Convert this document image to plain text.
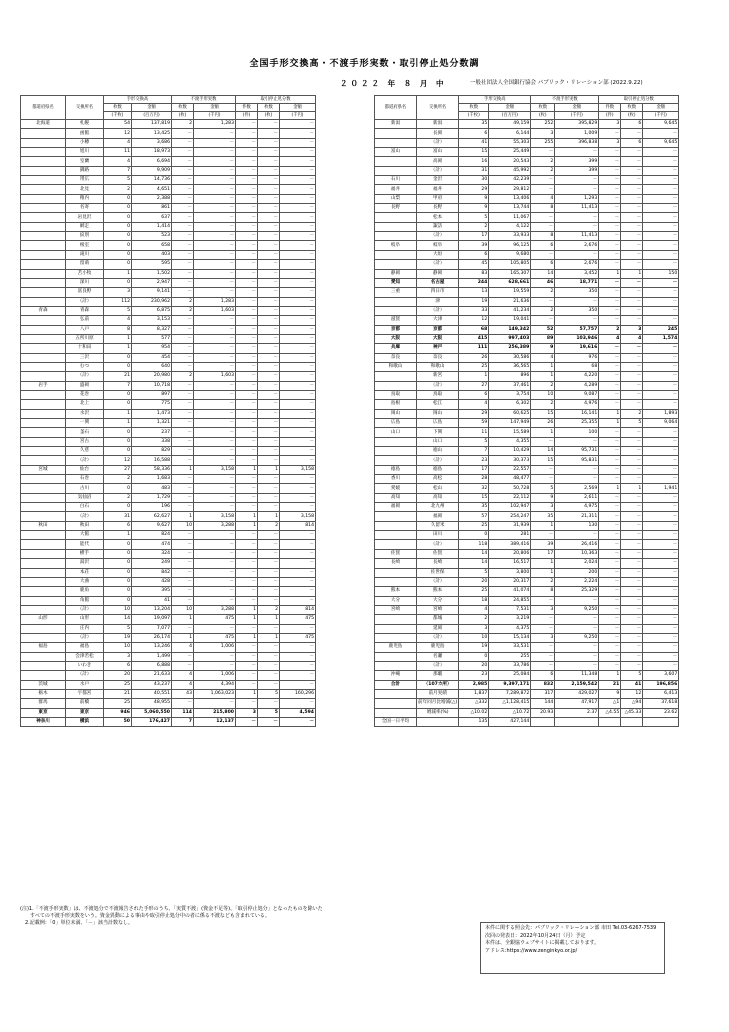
全国手形交換高・不渡手形実数・取引停止処分数調
２０２２ 年 ８ 月 中	一般社団法人全国銀行協会 パブリック・リレーション部 (2022.9.22)
都道府県名	交換所名	手形交換高		不渡手形実数		取引停止処分数		
		枚数	金額	枚数	金額	件数	枚数	金額
		(千枚)	(百万円)	(枚)	(千円)	(件)	(枚)	(千円)
北海道	札幌	54	137,819	2	1,283	－	－	－
	函館	12	13,425	－	－	－	－	－
	小樽	4	3,686	－	－	－	－	－
	旭川	11	18,973	－	－	－	－	－
	室蘭	4	6,694	－	－	－	－	－
	釧路	7	9,909	－	－	－	－	－
	帯広	5	14,736	－	－	－	－	－
	北見	2	4,651	－	－	－	－	－
	稚内	0	2,388	－	－	－	－	－
	名寄	0	861	－	－	－	－	－
	岩見沢	0	637	－	－	－	－	－
	網走	0	1,414	－	－	－	－	－
	紋別	0	523	－	－	－	－	－
	根室	0	658	－	－	－	－	－
	滝川	0	403	－	－	－	－	－
	留萌	0	595	－	－	－	－	－
	苫小牧	1	1,502	－	－	－	－	－
	深川	0	2,947	－	－	－	－	－
	富良野	3	9,141	－	－	－	－	－
	（計）	112	230,962	2	1,283	－	－	－
青森	青森	5	6,875	2	1,603	－	－	－
	弘前	4	3,153	－	－	－	－	－
	八戸	8	8,327	－	－	－	－	－
	五所川原	1	577	－	－	－	－	－
	十和田	1	954	－	－	－	－	－
	三沢	0	454	－	－	－	－	－
	むつ	0	640	－	－	－	－	－
	（計）	21	20,980	2	1,603	－	－	－
岩手	盛岡	7	10,718	－	－	－	－	－
	花巻	0	897	－	－	－	－	－
	北上	0	775	－	－	－	－	－
	水沢	1	1,473	－	－	－	－	－
	一関	1	1,321	－	－	－	－	－
	釜石	0	237	－	－	－	－	－
	宮古	0	338	－	－	－	－	－
	久慈	0	829	－	－	－	－	－
	（計）	12	16,588	－	－	－	－	－
宮城	仙台	27	58,336	1	3,158	1	1	3,158
	石巻	2	1,683	－	－	－	－	－
	古川	0	483	－	－	－	－	－
	気仙沼	2	1,729	－	－	－	－	－
	白石	0	196	－	－	－	－	－
	（計）	31	62,627	1	3,158	1	1	3,158
秋田	秋田	6	9,627	10	3,288	1	2	814
	大館	1	824	－	－	－	－	－
	能代	0	474	－	－	－	－	－
	横手	0	324	－	－	－	－	－
	湯沢	0	249	－	－	－	－	－
	本荘	0	842	－	－	－	－	－
	大曲	0	428	－	－	－	－	－
	鹿角	0	395	－	－	－	－	－
	角館	0	41	－	－	－	－	－
	（計）	10	13,204	10	3,288	1	2	814
山形	山形	14	19,097	1	475	1	1	475
	庄内	5	7,077	－	－	－	－	－
	（計）	19	26,174	1	475	1	1	475
福島	福島	10	13,246	4	1,006	－	－	－
	会津若松	3	1,499	－	－	－	－	－
	いわき	6	6,888	－	－	－	－	－
	（計）	20	21,633	4	1,006	－	－	－
茨城	水戸	25	43,237	4	4,394	－	－	－
栃木	宇都宮	21	40,551	43	1,063,023	1	5	160,296
群馬	前橋	25	48,955	－	－	－	－	－
東京	東京	946	5,060,550	114	215,800	3	5	4,594
神奈川	横浜	50	176,427	7	12,137	－	－	－
都道府県名	交換所名	手形交換高		不渡手形実数		取引停止処分数		
		枚数	金額	枚数	金額	件数	枚数	金額
		(千枚)	(百万円)	(枚)	(千円)	(件)	(枚)	(千円)
新潟	新潟	35	49,159	252	395,829	3	6	9,645
	長岡	6	6,144	3	1,009	－	－	－
	（計）	41	55,303	255	396,838	3	6	9,645
富山	富山	15	25,449	－	－	－	－	－
	高岡	16	20,543	2	399	－	－	－
	（計）	31	45,992	2	399	－	－	－
石川	金沢	30	42,239	－	－	－	－	－
福井	福井	29	29,812	－	－	－	－	－
山梨	甲府	9	13,406	4	1,293	－	－	－
長野	長野	9	13,744	8	11,413	－	－	－
	松本	5	11,067	－	－	－	－	－
	諏訪	2	4,122	－	－	－	－	－
	（計）	17	33,933	8	11,413	－	－	－
岐阜	岐阜	39	96,125	6	2,676	－	－	－
	大垣	6	9,680	－	－	－	－	－
	（計）	45	105,805	6	2,676	－	－	－
静岡	静岡	83	165,307	14	3,452	1	1	150
愛知	名古屋	244	628,661	46	18,771	－	－	－
三重	四日市	13	19,559	2	350	－	－	－
	津	19	21,636	－	－	－	－	－
	（計）	33	41,234	2	350	－	－	－
滋賀	大津	12	19,041	－	－	－	－	－
京都	京都	68	149,342	52	57,757	2	3	245
大阪	大阪	415	997,403	89	103,946	4	4	1,574
兵庫	神戸	111	256,389	9	19,616	－	－	－
奈良	奈良	26	30,586	4	976	－	－	－
和歌山	和歌山	25	36,565	1	68	－	－	－
	新宮	1	896	1	4,220	－	－	－
	（計）	27	37,461	2	4,289	－	－	－
鳥取	鳥取	6	3,754	10	9,087	－	－	－
島根	松江	4	6,302	2	4,976	－	－	－
岡山	岡山	29	60,625	15	16,141	1	2	1,893
広島	広島	59	147,949	26	25,355	1	5	9,064
山口	下関	11	15,589	1	100	－	－	－
	山口	5	4,355	－	－	－	－	－
	徳山	7	10,429	14	95,731	－	－	－
	（計）	23	30,373	15	95,831	－	－	－
徳島	徳島	17	22,557	－	－	－	－	－
香川	高松	28	48,477	－	－	－	－	－
愛媛	松山	32	50,728	5	2,569	1	1	1,941
高知	高知	15	22,112	9	2,611	－	－	－
福岡	北九州	35	102,947	3	4,975	－	－	－
	福岡	57	254,247	35	21,311	－	－	－
	久留米	25	31,939	1	130	－	－	－
	田川	0	281	－	－	－	－	－
	（計）	118	389,416	39	26,416	－	－	－
佐賀	佐賀	14	20,806	17	10,363	－	－	－
長崎	長崎	14	16,517	1	2,024	－	－	－
	佐世保	5	3,800	1	200	－	－	－
	（計）	20	20,317	2	2,224	－	－	－
熊本	熊本	25	41,074	8	25,329	－	－	－
大分	大分	18	24,855	－	－	－	－	－
宮崎	宮崎	4	7,531	3	9,250	－	－	－
	都城	2	3,219	－	－	－	－	－
	延岡	3	4,375	－	－	－	－	－
	（計）	10	15,134	3	9,250	－	－	－
鹿児島	鹿児島	19	33,531	－	－	－	－	－
	名瀬	0	255	－	－	－	－	－
	（計）	20	33,786	－	－	－	－	－
沖縄	那覇	23	25,084	6	11,348	1	5	3,607
合計	（107カ所）	2,985	9,397,171	832	2,159,542	21	41	196,856
	前月実績	1,837	7,289,872	317	429,027	9	12	6,413
	前年同月比増減(△)	△332	△1,128,415	144	47,917	△1	△94	37,618
	増減率(%)	△10.02	△10.72	20.93	2.37	△4.55	△45.33	23.62
全国一日平均		135	427,144					
(注)1.「不渡手形実数」は、不渡処分で不渡報告された手形のうち、「実質不渡」(資金不足等)、「取引停止処分」となったものを除いた
　　すべての不渡手形実数をいう。資金異動による事由や取引停止処分中の者に係る不渡なども含まれている。
　2.記載例：「0」単位未満、「－」該当計数なし。
本件に関する照会先：パブリック・リレーション部 市田 Tel.03-6267-7539
次回の発表日：2022年10月24日（月）予定
本件は、全銀協ウェブサイトに掲載しております。
アドレス:https://www.zenginkyo.or.jp/
